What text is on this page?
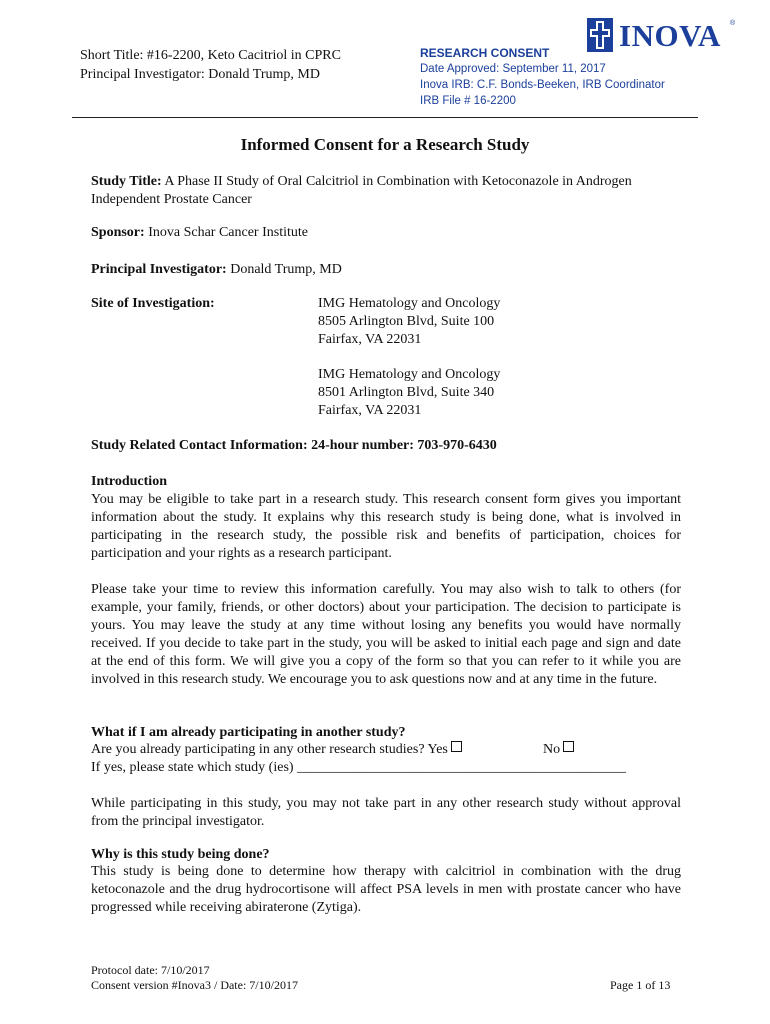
Short Title: #16-2200, Keto Cacitriol in CPRC
Principal Investigator: Donald Trump, MD
RESEARCH CONSENT
Date Approved: September 11, 2017
Inova IRB: C.F. Bonds-Beeken, IRB Coordinator
IRB File # 16-2200
INOVA ®
Informed Consent for a Research Study
Study Title: A Phase II Study of Oral Calcitriol in Combination with Ketoconazole in Androgen Independent Prostate Cancer
Sponsor: Inova Schar Cancer Institute
Principal Investigator: Donald Trump, MD
Site of Investigation:	IMG Hematology and Oncology
8505 Arlington Blvd, Suite 100
Fairfax, VA 22031
IMG Hematology and Oncology
8501 Arlington Blvd, Suite 340
Fairfax, VA 22031
Study Related Contact Information: 24-hour number: 703-970-6430
Introduction
You may be eligible to take part in a research study. This research consent form gives you important information about the study. It explains why this research study is being done, what is involved in participating in the research study, the possible risk and benefits of participation, choices for participation and your rights as a research participant.
Please take your time to review this information carefully. You may also wish to talk to others (for example, your family, friends, or other doctors) about your participation. The decision to participate is yours. You may leave the study at any time without losing any benefits you would have normally received. If you decide to take part in the study, you will be asked to initial each page and sign and date at the end of this form. We will give you a copy of the form so that you can refer to it while you are involved in this research study. We encourage you to ask questions now and at any time in the future.
What if I am already participating in another study?
Are you already participating in any other research studies? Yes	No
If yes, please state which study (ies) _______________________________________________
While participating in this study, you may not take part in any other research study without approval from the principal investigator.
Why is this study being done?
This study is being done to determine how therapy with calcitriol in combination with the drug ketoconazole and the drug hydrocortisone will affect PSA levels in men with prostate cancer who have progressed while receiving abiraterone (Zytiga).
Protocol date: 7/10/2017
Consent version #Inova3 / Date: 7/10/2017	Page 1 of 13
